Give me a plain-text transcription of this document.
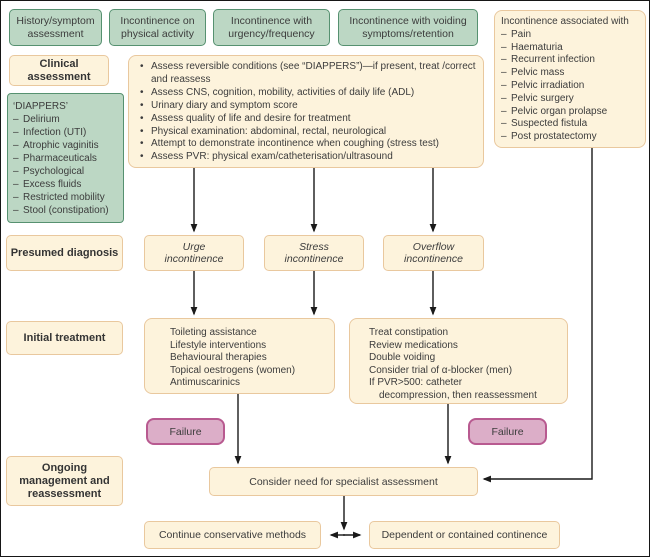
History/symptom assessment
Incontinence on physical activity
Incontinence with urgency/frequency
Incontinence with voiding symptoms/retention
Incontinence associated with
– Pain
– Haematuria
– Recurrent infection
– Pelvic mass
– Pelvic irradiation
– Pelvic surgery
– Pelvic organ prolapse
– Suspected fistula
– Post prostatectomy
Clinical assessment
• Assess reversible conditions (see “DIAPPERS”)—if present, treat /correct and reassess
• Assess CNS, cognition, mobility, activities of daily life (ADL)
• Urinary diary and symptom score
• Assess quality of life and desire for treatment
• Physical examination: abdominal, rectal, neurological
• Attempt to demonstrate incontinence when coughing (stress test)
• Assess PVR: physical exam/catheterisation/ultrasound
‘DIAPPERS’
– Delirium
– Infection (UTI)
– Atrophic vaginitis
– Pharmaceuticals
– Psychological
– Excess fluids
– Restricted mobility
– Stool (constipation)
Presumed diagnosis	Urge incontinence
Stress incontinence
Overflow incontinence
Initial treatment	Toileting assistance
Lifestyle interventions
Behavioural therapies
Topical oestrogens (women)
Antimuscarinics
Treat constipation
Review medications
Double voiding
Consider trial of α-blocker (men)
If PVR>500: catheter
decompression, then reassessment
Failure	Failure
Ongoing management and reassessment
Consider need for specialist assessment
Continue conservative methods	Dependent or contained continence
